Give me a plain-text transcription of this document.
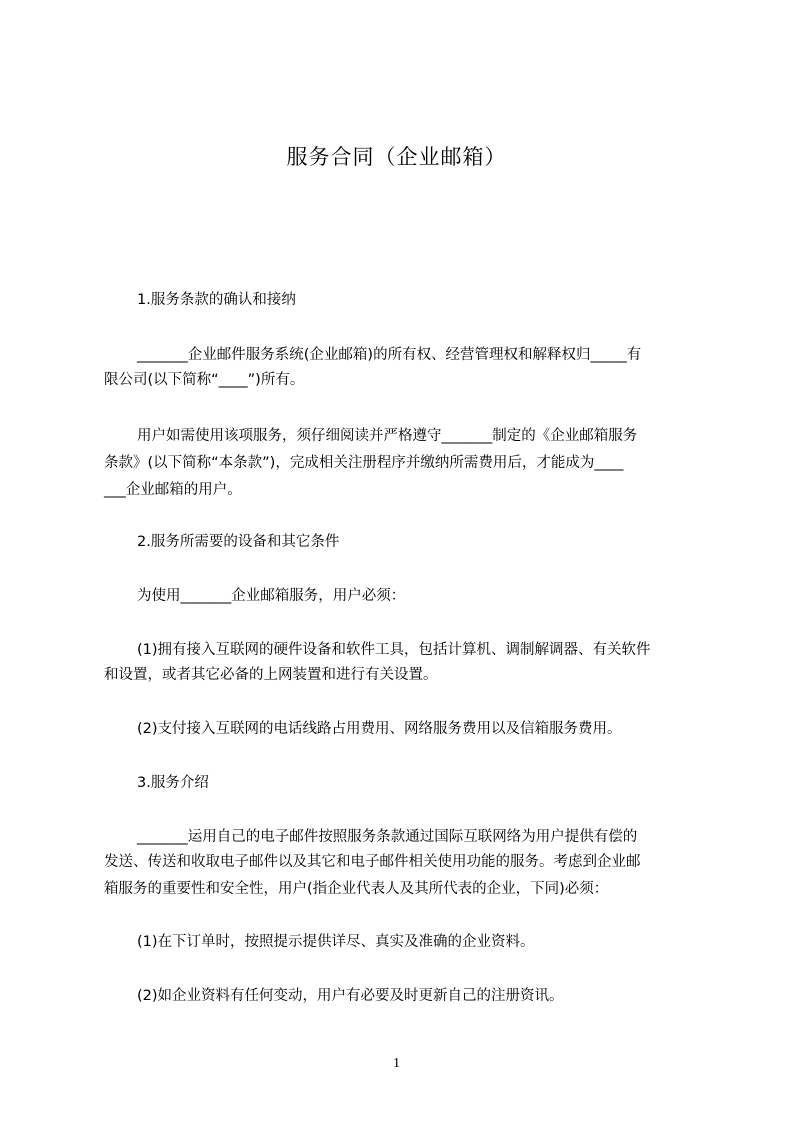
服务合同（企业邮箱）
1.服务条款的确认和接纳
_______企业邮件服务系统(企业邮箱)的所有权、经营管理权和解释权归_____有
限公司(以下简称“____”)所有。
用户如需使用该项服务，须仔细阅读并严格遵守_______制定的《企业邮箱服务
条款》(以下简称“本条款”)，完成相关注册程序并缴纳所需费用后，才能成为____
___企业邮箱的用户。
2.服务所需要的设备和其它条件
为使用_______企业邮箱服务，用户必须：
(1)拥有接入互联网的硬件设备和软件工具，包括计算机、调制解调器、有关软件
和设置，或者其它必备的上网装置和进行有关设置。
(2)支付接入互联网的电话线路占用费用、网络服务费用以及信箱服务费用。
3.服务介绍
_______运用自己的电子邮件按照服务条款通过国际互联网络为用户提供有偿的
发送、传送和收取电子邮件以及其它和电子邮件相关使用功能的服务。考虑到企业邮
箱服务的重要性和安全性，用户(指企业代表人及其所代表的企业，下同)必须：
(1)在下订单时，按照提示提供详尽、真实及准确的企业资料。
(2)如企业资料有任何变动，用户有必要及时更新自己的注册资讯。
1
